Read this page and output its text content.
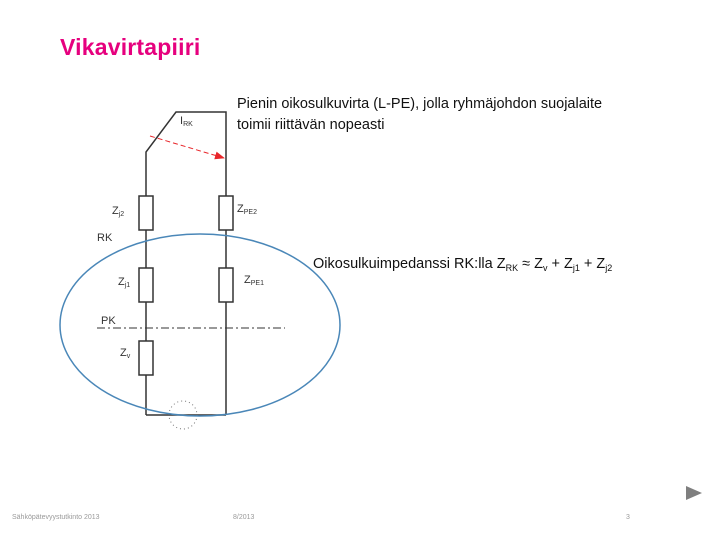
Vikavirtapiiri
Pienin oikosulkuvirta (L-PE), jolla ryhmäjohdon suojalaite toimii riittävän nopeasti
Oikosulkuimpedanssi RK:lla $Z_{RK} \approx Z_v + Z_{j1} + Z_{j2}$
IRK
Zj2	ZPE2
RK
Zj1	ZPE1
PK
Zv
Sähköpätevyystutkinto 2013	8/2013	3
